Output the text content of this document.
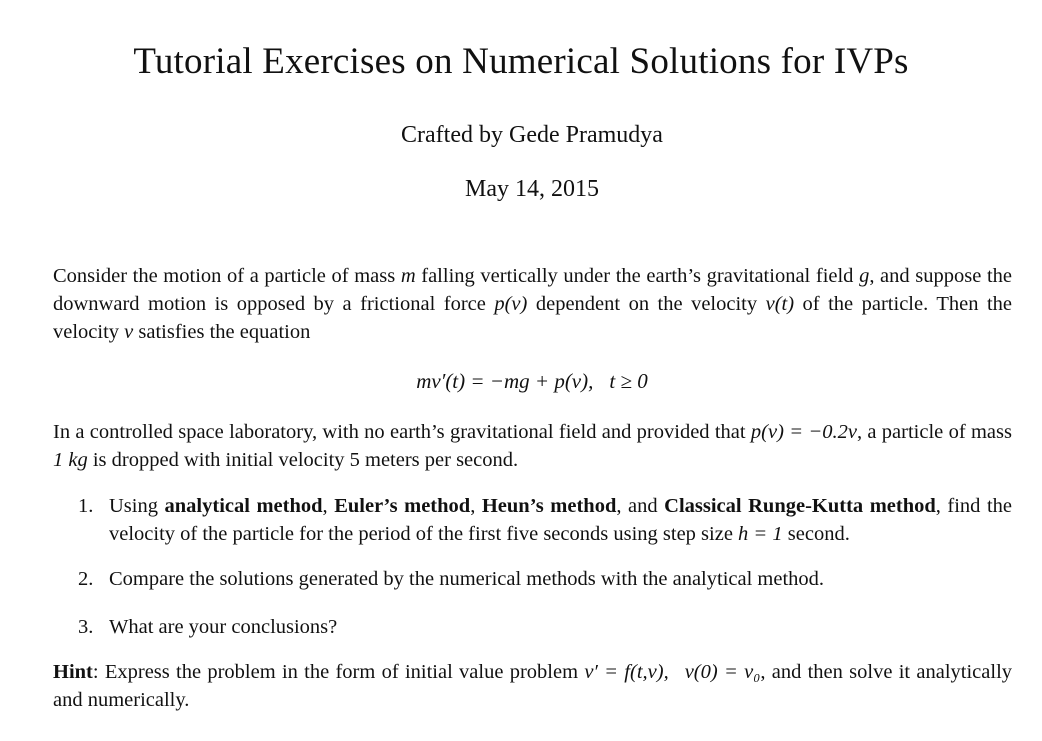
Tutorial Exercises on Numerical Solutions for IVPs
Crafted by Gede Pramudya
May 14, 2015
Consider the motion of a particle of mass m falling vertically under the earth’s gravitational field g, and suppose the downward motion is opposed by a frictional force p(v) dependent on the velocity v(t) of the particle. Then the velocity v satisfies the equation
mv′(t) = −mg + p(v), t ≥ 0
In a controlled space laboratory, with no earth’s gravitational field and provided that p(v) = −0.2v, a particle of mass 1 kg is dropped with initial velocity 5 meters per second.
1. Using analytical method, Euler’s method, Heun’s method, and Classical Runge-Kutta method, find the velocity of the particle for the period of the first five seconds using step size h = 1 second.
2. Compare the solutions generated by the numerical methods with the analytical method.
3. What are your conclusions?
Hint: Express the problem in the form of initial value problem v′ = f(t,v), v(0) = v₀, and then solve it analytically and numerically.
